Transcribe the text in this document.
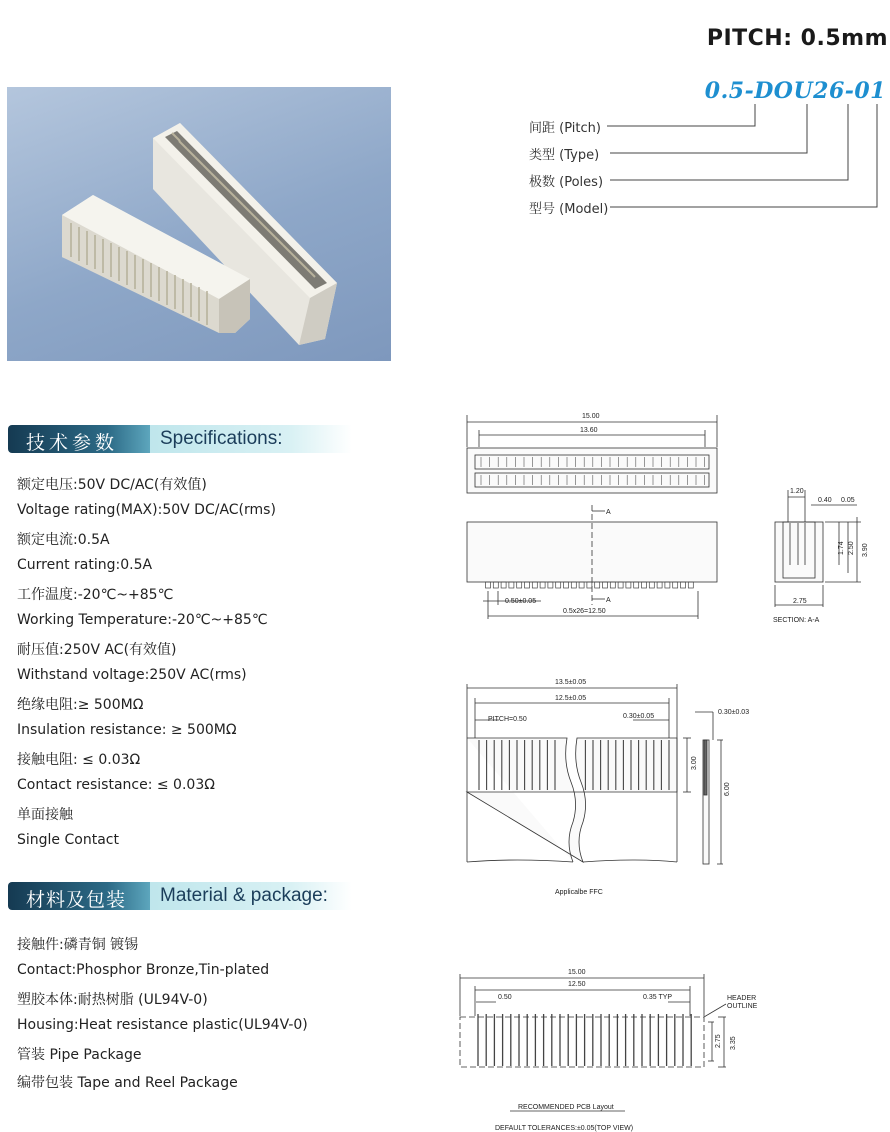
PITCH: 0.5mm
0.5-DOU26-01
间距 (Pitch)
类型 (Type)
极数 (Poles)
型号 (Model)
技术参数 Specifications:
额定电压:50V DC/AC(有效值)
Voltage rating(MAX):50V DC/AC(rms)
额定电流:0.5A
Current rating:0.5A
工作温度:-20℃~+85℃
Working Temperature:-20℃~+85℃
耐压值:250V AC(有效值)
Withstand voltage:250V AC(rms)
绝缘电阻:≥ 500MΩ
Insulation resistance: ≥ 500MΩ
接触电阻: ≤ 0.03Ω
Contact resistance: ≤ 0.03Ω
单面接触
Single Contact
材料及包装 Material & package:
接触件:磷青铜 镀锡
Contact:Phosphor Bronze,Tin-plated
塑胶本体:耐热树脂 (UL94V-0)
Housing:Heat resistance plastic(UL94V-0)
管装 Pipe Package
编带包装 Tape and Reel Package
15.00
13.60
A
A
0.50±0.05
0.5x26=12.50
1.20
0.40 0.05
1.74 2.50 3.90
2.75
SECTION: A-A
13.5±0.05
12.5±0.05
PITCH=0.50	0.30±0.05
0.30±0.03
3.00
6.00
Applicalbe FFC
15.00
12.50
0.50	0.35 TYP	HEADER
OUTLINE
2.75 3.35
RECOMMENDED PCB Layout
DEFAULT TOLERANCES:±0.05(TOP VIEW)
